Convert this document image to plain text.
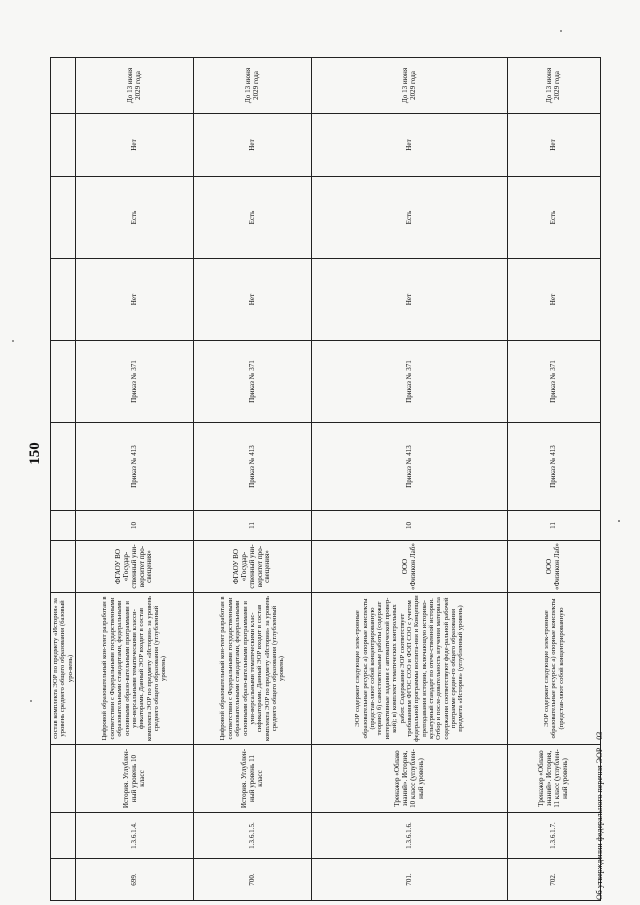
150
			состав комплекта ЭОР по предмету «История» за уровень среднего общего образования (базовый уро-вень)								
699.	1.3.6.1.4.	История. Углублен-ный уровень 10 класс	Цифровой образовательный кон-тент разработан в соответствии с Федеральными государственными образовательными стандартами, федеральными основными образо-вательными программами и уни-версальными тематическими класси-фикаторами. Данный ЭОР входит в состав комплекта ЭОР по предмету «История» за уровень среднего общего образования (углубленный уровень)	ФГАОУ ВО «Государ-ственный уни-верситет про-свещения»	10	Приказ № 413	Приказ № 371	Нет	Есть	Нет	До 13 июня 2029 года
700.	1.3.6.1.5.	История. Углублен-ный уровень 11 класс	Цифровой образовательный кон-тент разработан в соответствии с Федеральными государственными образовательными стандартами, федеральными основными образо-вательными программами и уни-версальными тематическими клас-сификаторами. Данный ЭОР входит в состав комплекта ЭОР по предмету «История» за уровень среднего общего образования (углубленный уровень)	ФГАОУ ВО «Государ-ственный уни-верситет про-свещения»	11	Приказ № 413	Приказ № 371	Нет	Есть	Нет	До 13 июня 2029 года
701.	1.3.6.1.6.	Тренажер «Облако знаний». История, 10 класс (углублен-ный уровень)	ЭОР содержит следующие элек-тронные образовательные ресурсы: а) опорные конспекты (представ-ляют собой концентрированную теорию) б) самостоятельные работы (содержат интерактивные задания с автоматической провер-кой); в) комплект тематических контрольных работ. Содержание ЭОР соответствует требованиям ФГОС СОО и ФОП СОО с учетом федеральной программы воспита-ния и Концепции преподавания истории, включающую историко-культурный стандарт по отече-ственной истории. Отбор и после-довательность изучения материала содержания соответствуют феде-ральной рабочей программе средне-го общего образования предмета «История» (углубленный уровень)	ООО «Физикон Лаб»	10	Приказ № 413	Приказ № 371	Нет	Есть	Нет	До 13 июня 2029 года
702.	1.3.6.1.7.	Тренажер «Облако знаний». История, 11 класс (углублен-ный уровень)	ЭОР содержит следующие элек-тронные образовательные ресурсы: а) опорные конспекты (представ-ляют собой концентрированную	ООО «Физикон Лаб»	11	Приказ № 413	Приказ № 371	Нет	Есть	Нет	До 13 июня 2029 года
Об утверждении федерального перечня ЭОР – 03
